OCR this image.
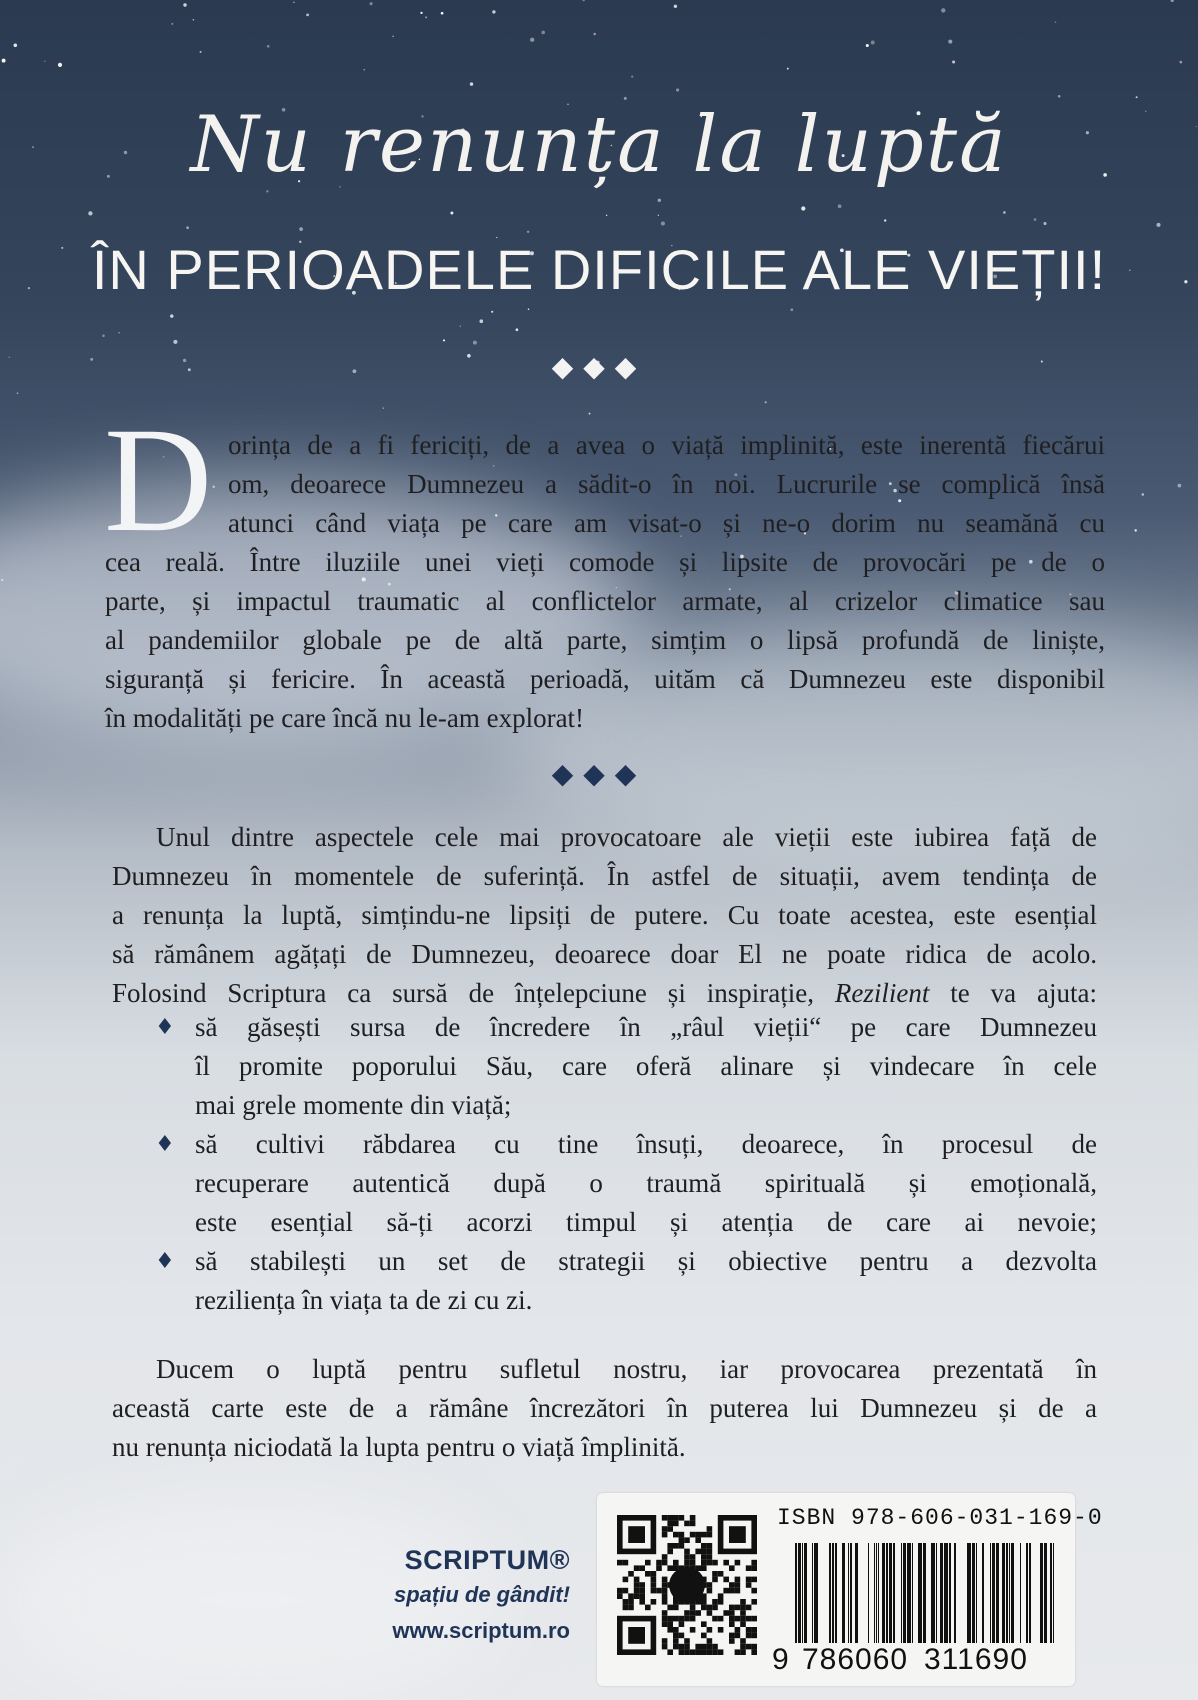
Nu renunța la luptă
ÎN PERIOADELE DIFICILE ALE VIEȚII!
◆◆◆
D orința de a fi fericiți, de a avea o viață implinită, este inerentă fiecărui
om, deoarece Dumnezeu a sădit-o în noi. Lucrurile se complică însă
atunci când viața pe care am visat-o și ne-o dorim nu seamănă cu
cea reală. Între iluziile unei vieți comode și lipsite de provocări pe de o
parte, și impactul traumatic al conflictelor armate, al crizelor climatice sau
al pandemiilor globale pe de altă parte, simțim o lipsă profundă de liniște,
siguranță și fericire. În această perioadă, uităm că Dumnezeu este disponibil
în modalități pe care încă nu le-am explorat!
◆◆◆
Unul dintre aspectele cele mai provocatoare ale vieții este iubirea față de
Dumnezeu în momentele de suferință. În astfel de situații, avem tendința de
a renunța la luptă, simțindu-ne lipsiți de putere. Cu toate acestea, este esențial
să rămânem agățați de Dumnezeu, deoarece doar El ne poate ridica de acolo.
Folosind Scriptura ca sursă de înțelepciune și inspirație, Rezilient te va ajuta:
♦ să găsești sursa de încredere în „râul vieții“ pe care Dumnezeu
îl promite poporului Său, care oferă alinare și vindecare în cele
mai grele momente din viață;
♦ să cultivi răbdarea cu tine însuți, deoarece, în procesul de
recuperare autentică după o traumă spirituală și emoțională,
este esențial să-ți acorzi timpul și atenția de care ai nevoie;
♦ să stabilești un set de strategii și obiective pentru a dezvolta
reziliența în viața ta de zi cu zi.
Ducem o luptă pentru sufletul nostru, iar provocarea prezentată în
această carte este de a rămâne încrezători în puterea lui Dumnezeu și de a
nu renunța niciodată la lupta pentru o viață împlinită.
SCRIPTUM®
spațiu de gândit!
www.scriptum.ro
ISBN 978-606-031-169-0
9 786060 311690
